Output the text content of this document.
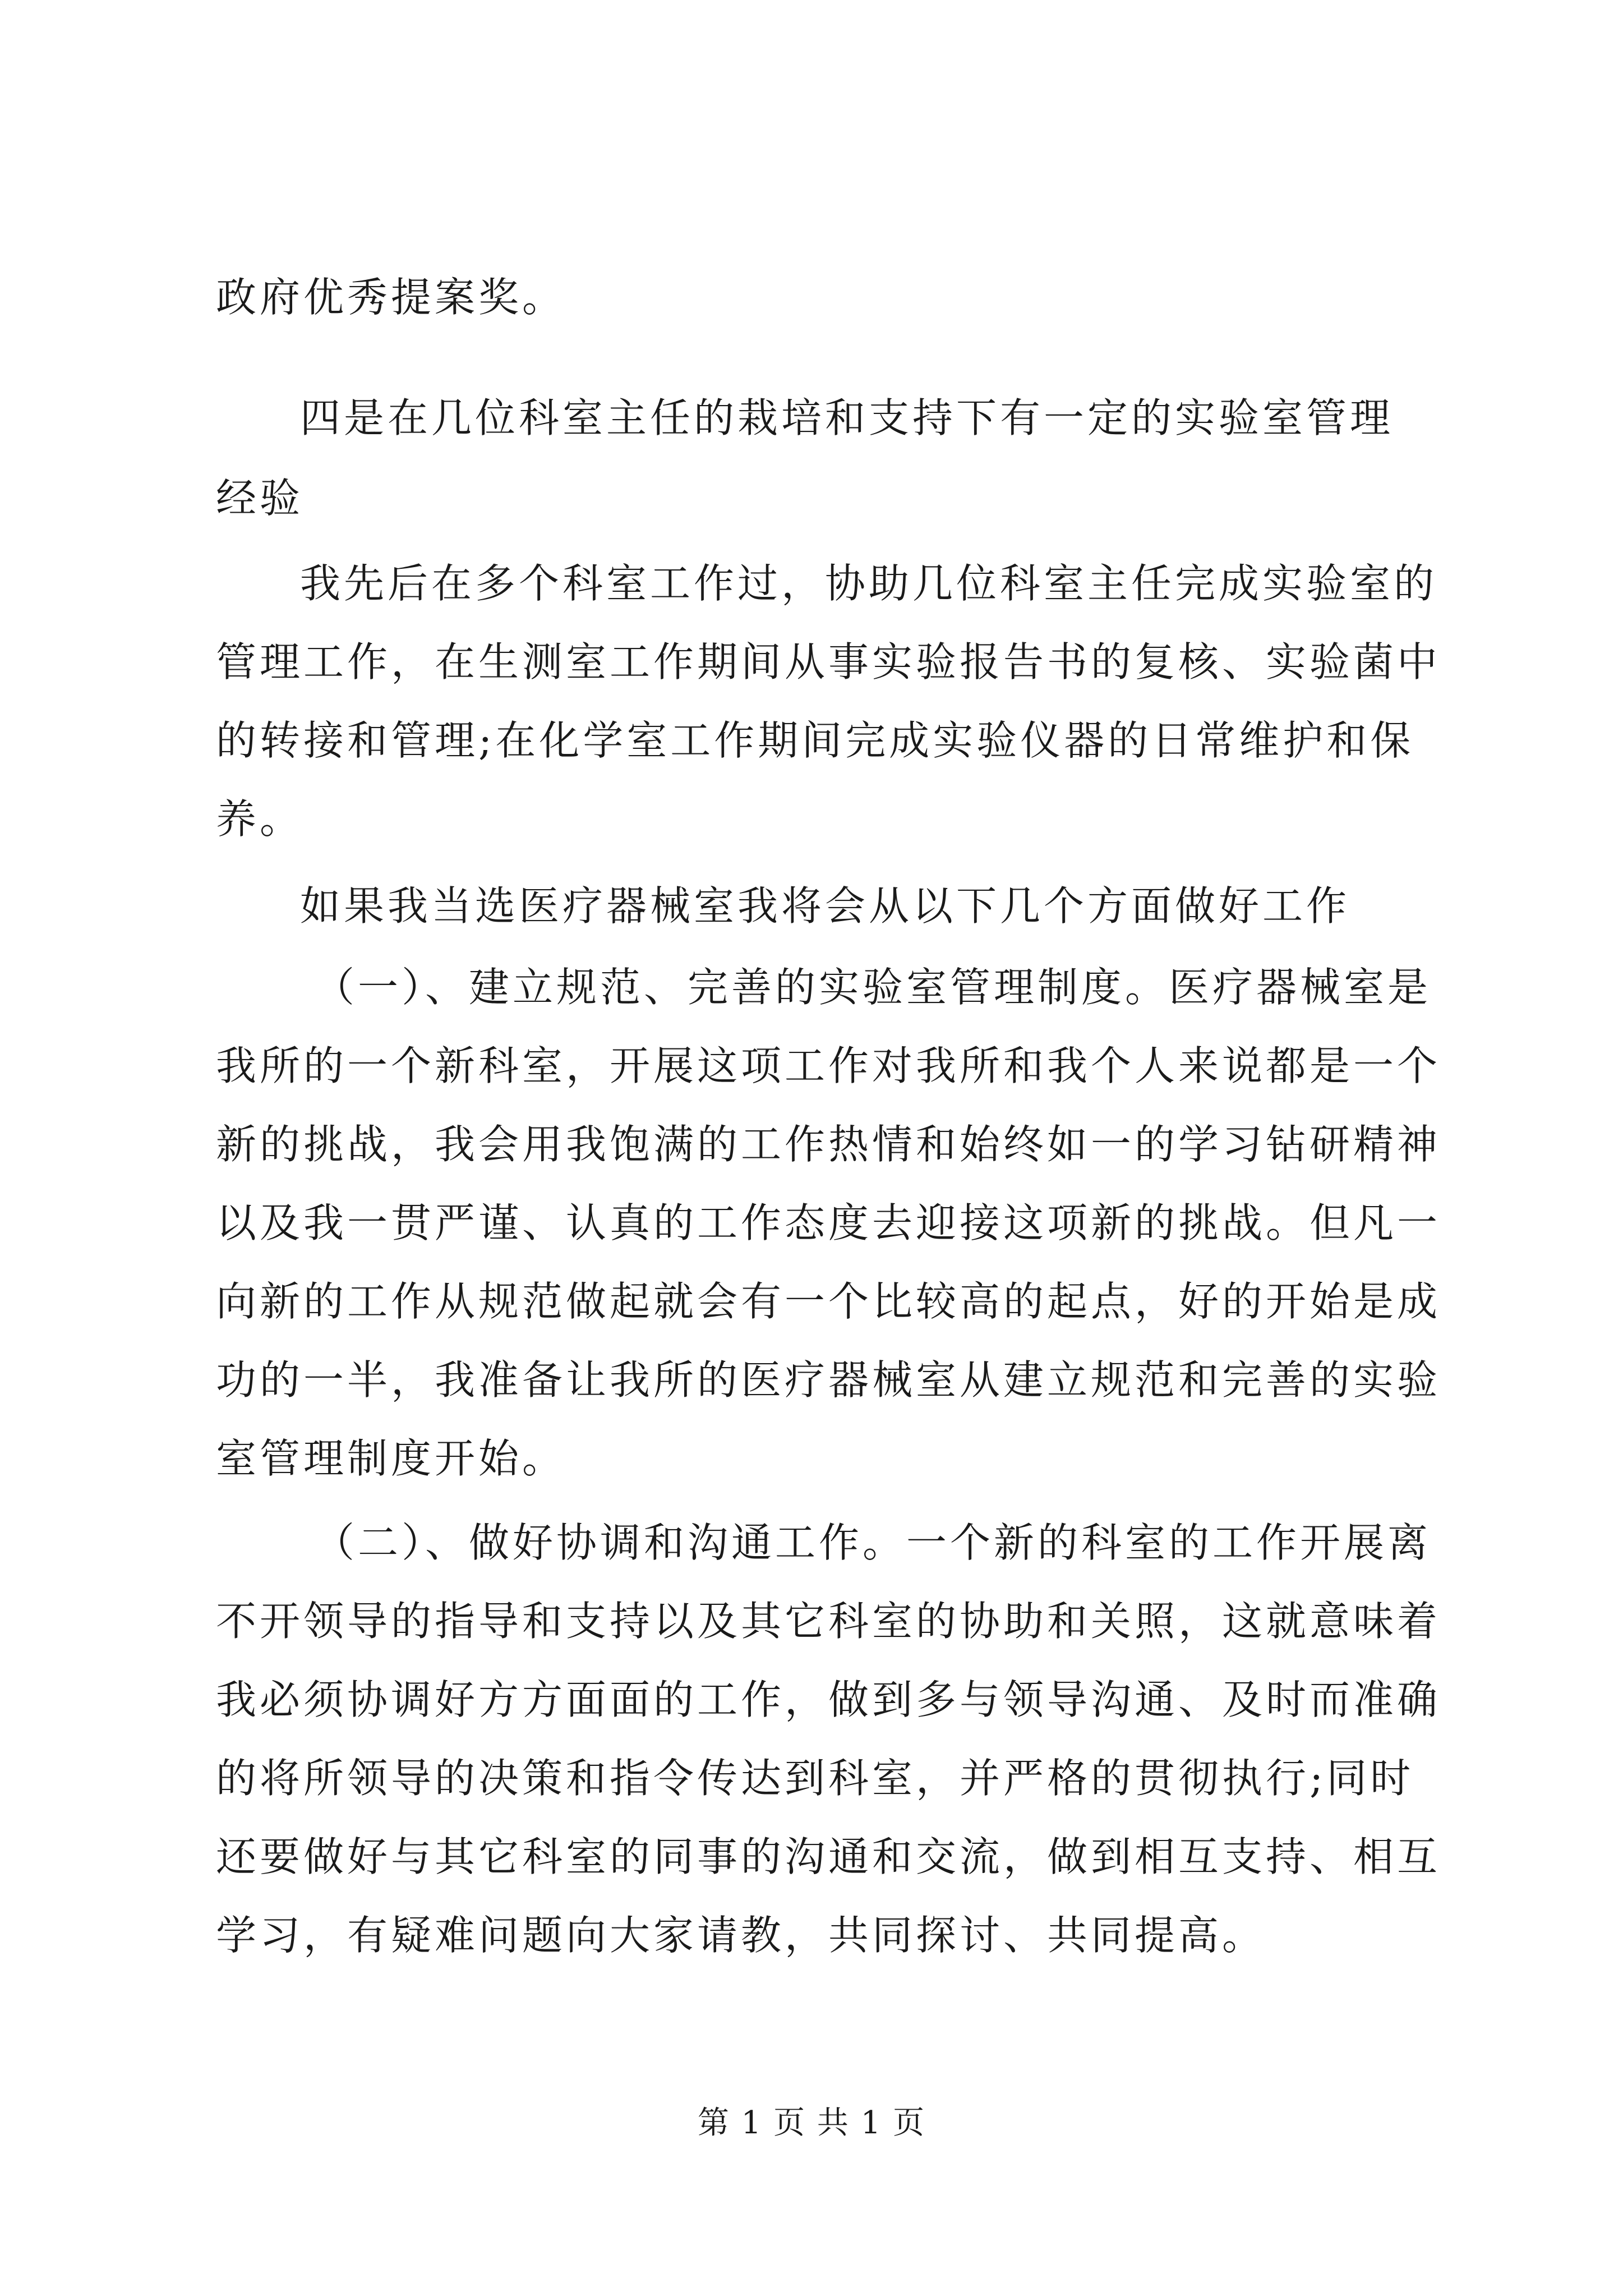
政府优秀提案奖。
四是在几位科室主任的栽培和支持下有一定的实验室管理
经验
我先后在多个科室工作过，协助几位科室主任完成实验室的
管理工作，在生测室工作期间从事实验报告书的复核、实验菌中
的转接和管理;在化学室工作期间完成实验仪器的日常维护和保
养。
如果我当选医疗器械室我将会从以下几个方面做好工作
（一）、建立规范、完善的实验室管理制度。医疗器械室是
我所的一个新科室，开展这项工作对我所和我个人来说都是一个
新的挑战，我会用我饱满的工作热情和始终如一的学习钻研精神
以及我一贯严谨、认真的工作态度去迎接这项新的挑战。但凡一
向新的工作从规范做起就会有一个比较高的起点，好的开始是成
功的一半，我准备让我所的医疗器械室从建立规范和完善的实验
室管理制度开始。
（二）、做好协调和沟通工作。一个新的科室的工作开展离
不开领导的指导和支持以及其它科室的协助和关照，这就意味着
我必须协调好方方面面的工作，做到多与领导沟通、及时而准确
的将所领导的决策和指令传达到科室，并严格的贯彻执行;同时
还要做好与其它科室的同事的沟通和交流，做到相互支持、相互
学习，有疑难问题向大家请教，共同探讨、共同提高。
第 1 页 共 1 页
